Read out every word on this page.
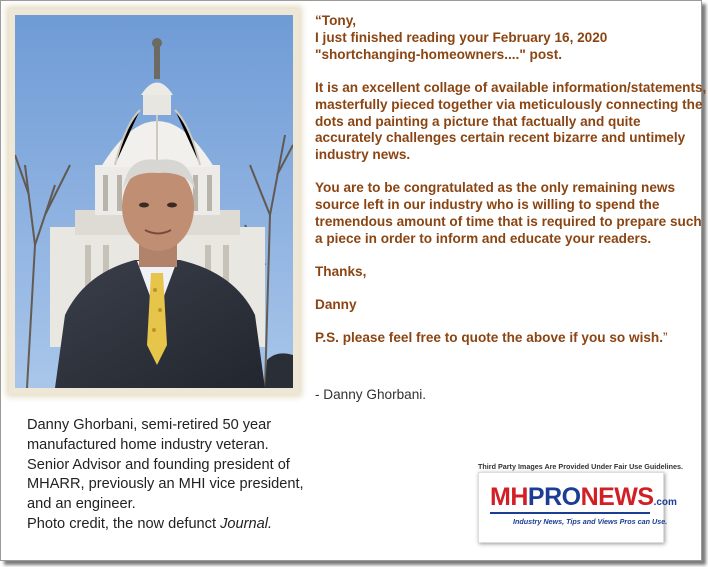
“Tony,
I just finished reading your February 16, 2020
"shortchanging-homeowners...." post.

It is an excellent collage of available information/statements, masterfully pieced together via meticulously connecting the dots and painting a picture that factually and quite accurately challenges certain recent bizarre and untimely industry news.

You are to be congratulated as the only remaining news source left in our industry who is willing to spend the tremendous amount of time that is required to prepare such a piece in order to inform and educate your readers.

Thanks,

Danny

P.S. please feel free to quote the above if you so wish.”

- Danny Ghorbani.
Danny Ghorbani, semi-retired 50 year
manufactured home industry veteran.
Senior Advisor and founding president of
MHARR, previously an MHI vice president,
and an engineer.
Photo credit, the now defunct Journal.
Third Party Images Are Provided Under Fair Use Guidelines.
MHPRONEWS.com
Industry News, Tips and Views Pros can Use.
